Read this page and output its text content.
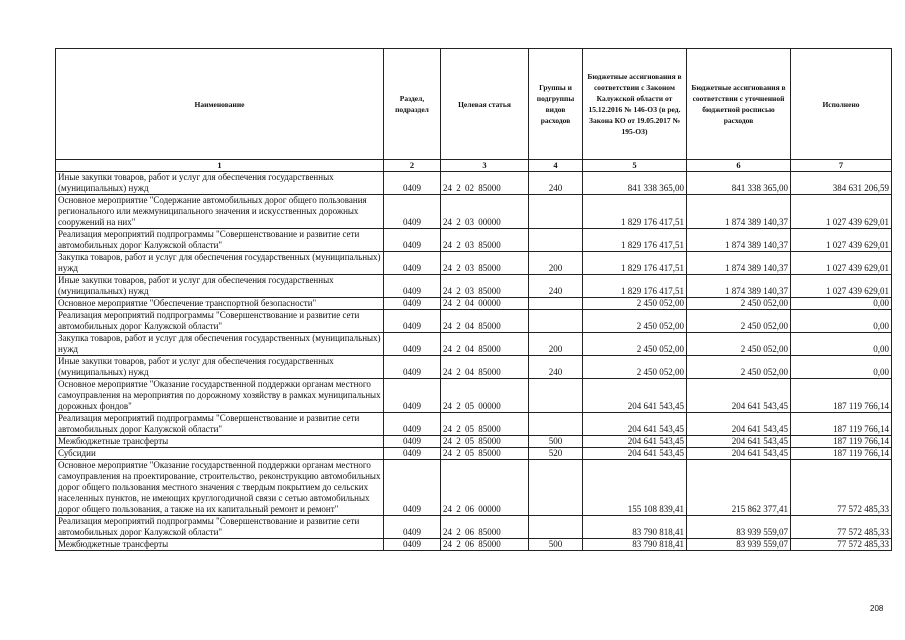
Наименование	Раздел, подраздел	Целевая статья	Группы и подгруппы видов расходов	Бюджетные ассигнования в соответствии с Законом Калужской области от 15.12.2016 № 146-ОЗ (в ред. Закона КО от 19.05.2017 № 195-ОЗ)	Бюджетные ассигнования в соответствии с уточненной бюджетной росписью расходов	Исполнено
1	2	3	4	5	6	7
Иные закупки товаров, работ и услуг для обеспечения государственных (муниципальных) нужд	0409	24 2 02 85000	240	841 338 365,00	841 338 365,00	384 631 206,59
Основное мероприятие "Содержание автомобильных дорог общего пользования регионального или межмуниципального значения и искусственных дорожных сооружений на них"	0409	24 2 03 00000		1 829 176 417,51	1 874 389 140,37	1 027 439 629,01
Реализация мероприятий подпрограммы "Совершенствование и развитие сети автомобильных дорог Калужской области"	0409	24 2 03 85000		1 829 176 417,51	1 874 389 140,37	1 027 439 629,01
Закупка товаров, работ и услуг для обеспечения государственных (муниципальных) нужд	0409	24 2 03 85000	200	1 829 176 417,51	1 874 389 140,37	1 027 439 629,01
Иные закупки товаров, работ и услуг для обеспечения государственных (муниципальных) нужд	0409	24 2 03 85000	240	1 829 176 417,51	1 874 389 140,37	1 027 439 629,01
Основное мероприятие "Обеспечение транспортной безопасности"	0409	24 2 04 00000		2 450 052,00	2 450 052,00	0,00
Реализация мероприятий подпрограммы "Совершенствование и развитие сети автомобильных дорог Калужской области"	0409	24 2 04 85000		2 450 052,00	2 450 052,00	0,00
Закупка товаров, работ и услуг для обеспечения государственных (муниципальных) нужд	0409	24 2 04 85000	200	2 450 052,00	2 450 052,00	0,00
Иные закупки товаров, работ и услуг для обеспечения государственных (муниципальных) нужд	0409	24 2 04 85000	240	2 450 052,00	2 450 052,00	0,00
Основное мероприятие "Оказание государственной поддержки органам местного самоуправления на мероприятия по дорожному хозяйству в рамках муниципальных дорожных фондов"	0409	24 2 05 00000		204 641 543,45	204 641 543,45	187 119 766,14
Реализация мероприятий подпрограммы "Совершенствование и развитие сети автомобильных дорог Калужской области"	0409	24 2 05 85000		204 641 543,45	204 641 543,45	187 119 766,14
Межбюджетные трансферты	0409	24 2 05 85000	500	204 641 543,45	204 641 543,45	187 119 766,14
Субсидии	0409	24 2 05 85000	520	204 641 543,45	204 641 543,45	187 119 766,14
Основное мероприятие "Оказание государственной поддержки органам местного самоуправления на проектирование, строительство, реконструкцию автомобильных дорог общего пользования местного значения с твердым покрытием до сельских населенных пунктов, не имеющих круглогодичной связи с сетью автомобильных дорог общего пользования, а также на их капитальный ремонт и ремонт"	0409	24 2 06 00000		155 108 839,41	215 862 377,41	77 572 485,33
Реализация мероприятий подпрограммы "Совершенствование и развитие сети автомобильных дорог Калужской области"	0409	24 2 06 85000		83 790 818,41	83 939 559,07	77 572 485,33
Межбюджетные трансферты	0409	24 2 06 85000	500	83 790 818,41	83 939 559,07	77 572 485,33
208
